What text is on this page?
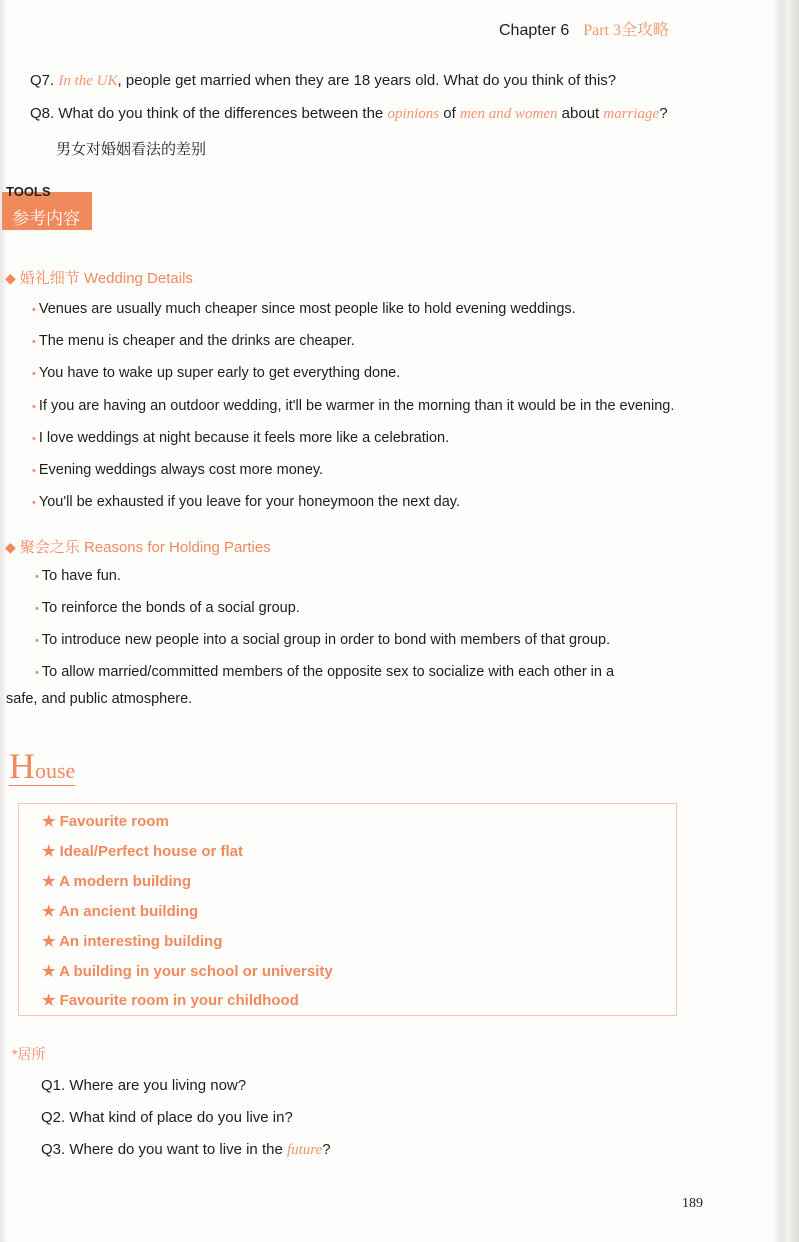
Chapter 6 Part 3全攻略
Q7. In the UK, people get married when they are 18 years old. What do you think of this?
Q8. What do you think of the differences between the opinions of men and women about marriage?
男女对婚姻看法的差别
TOOLS
参考内容
◆ 婚礼细节 Wedding Details
• Venues are usually much cheaper since most people like to hold evening weddings.
• The menu is cheaper and the drinks are cheaper.
• You have to wake up super early to get everything done.
• If you are having an outdoor wedding, it'll be warmer in the morning than it would be in the evening.
• I love weddings at night because it feels more like a celebration.
• Evening weddings always cost more money.
• You'll be exhausted if you leave for your honeymoon the next day.
◆ 聚会之乐 Reasons for Holding Parties
• To have fun.
• To reinforce the bonds of a social group.
• To introduce new people into a social group in order to bond with members of that group.
• To allow married/committed members of the opposite sex to socialize with each other in a
safe, and public atmosphere.
House
★ Favourite room
★ Ideal/Perfect house or flat
★ A modern building
★ An ancient building
★ An interesting building
★ A building in your school or university
★ Favourite room in your childhood
*居所
Q1. Where are you living now?
Q2. What kind of place do you live in?
Q3. Where do you want to live in the future?
189
